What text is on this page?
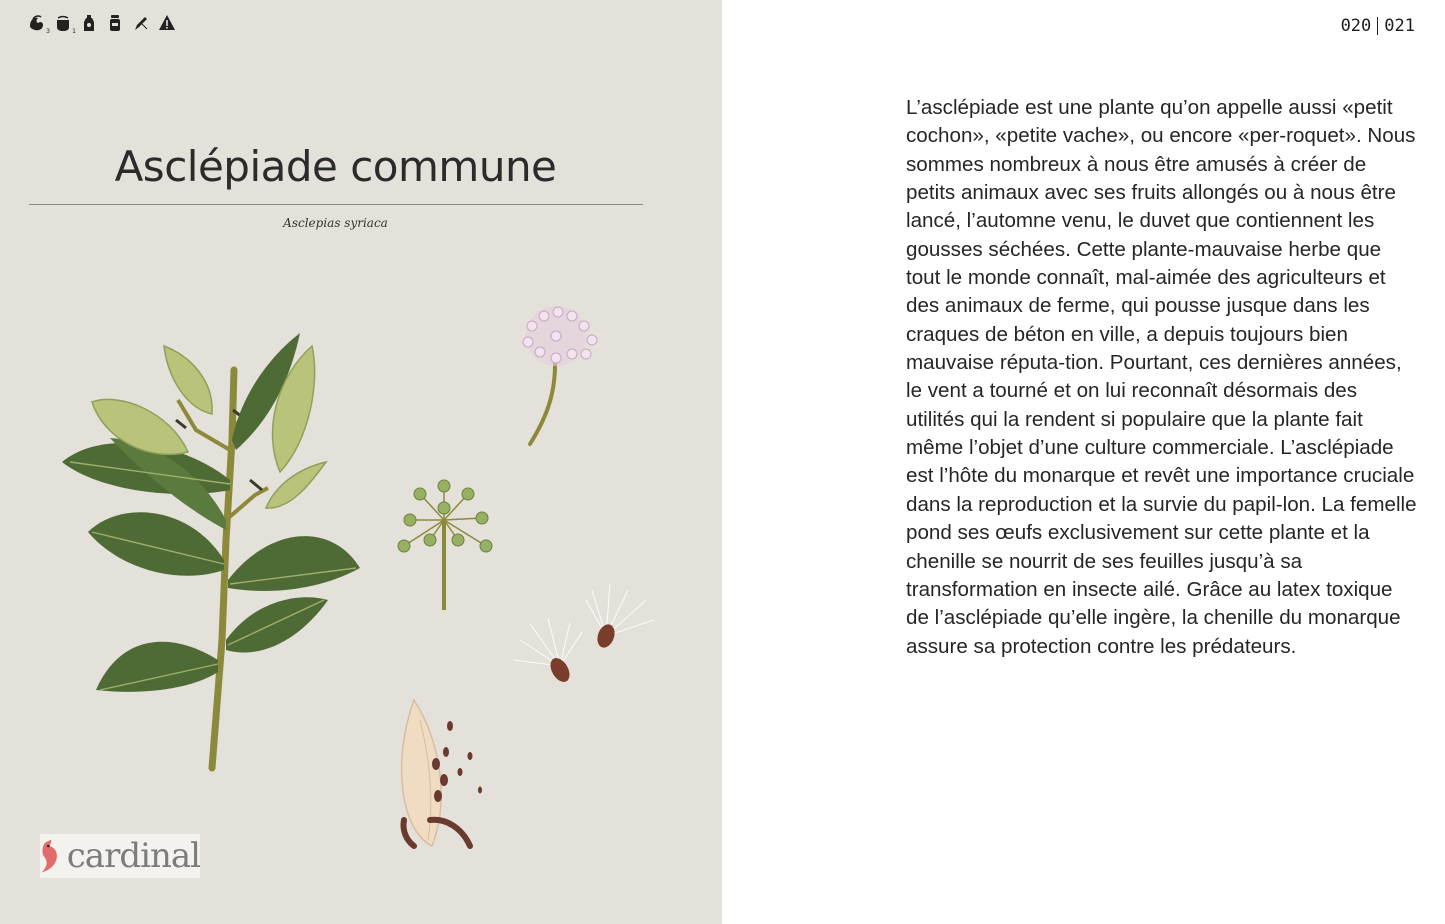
3	1
Asclépiade commune
Asclepias syriaca
cardinal
020 021

L’asclépiade est une plante qu’on appelle aussi «petit cochon», «petite vache», ou encore «per-roquet». Nous sommes nombreux à nous être amusés à créer de petits animaux avec ses fruits allongés ou à nous être lancé, l’automne venu, le duvet que contiennent les gousses séchées. Cette plante-mauvaise herbe que tout le monde connaît, mal-aimée des agriculteurs et des animaux de ferme, qui pousse jusque dans les craques de béton en ville, a depuis toujours bien mauvaise réputa-tion. Pourtant, ces dernières années, le vent a tourné et on lui reconnaît désormais des utilités qui la rendent si populaire que la plante fait même l’objet d’une culture commerciale. L’asclépiade est l’hôte du monarque et revêt une importance cruciale dans la reproduction et la survie du papil-lon. La femelle pond ses œufs exclusivement sur cette plante et la chenille se nourrit de ses feuilles jusqu’à sa transformation en insecte ailé. Grâce au latex toxique de l’asclépiade qu’elle ingère, la chenille du monarque assure sa protection contre les prédateurs.
